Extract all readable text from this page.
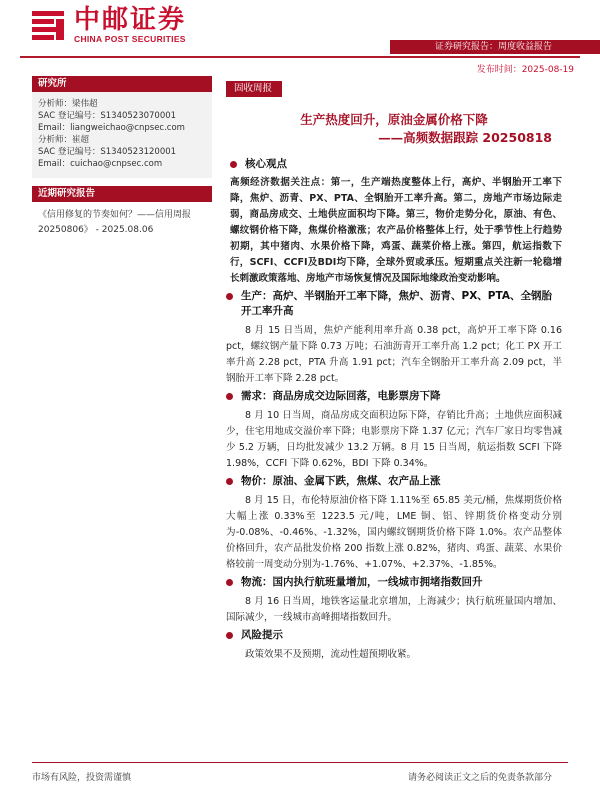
中邮证券
CHINA POST SECURITIES
证券研究报告：周度收益报告
发布时间：2025-08-19
研究所
分析师：梁伟超
SAC 登记编号：S1340523070001
Email：liangweichao@cnpsec.com
分析师：崔超
SAC 登记编号：S1340523120001
Email：cuichao@cnpsec.com
近期研究报告
《信用修复的节奏如何？——信用周报 20250806》 - 2025.08.06
固收周报
生产热度回升，原油金属价格下降
——高频数据跟踪 20250818
核心观点
高频经济数据关注点：第一，生产端热度整体上行，高炉、半钢胎开工率下降，焦炉、沥青、PX、PTA、全钢胎开工率升高。第二，房地产市场边际走弱，商品房成交、土地供应面积均下降。第三，物价走势分化，原油、有色、螺纹钢价格下降，焦煤价格激涨；农产品价格整体上行，处于季节性上行趋势初期，其中猪肉、水果价格下降，鸡蛋、蔬菜价格上涨。第四，航运指数下行，SCFI、CCFI及BDI均下降，全球外贸或承压。短期重点关注新一轮稳增长刺激政策落地、房地产市场恢复情况及国际地缘政治变动影响。
生产：高炉、半钢胎开工率下降，焦炉、沥青、PX、PTA、全钢胎开工率升高
8 月 15 日当周，焦炉产能利用率升高 0.38 pct，高炉开工率下降 0.16 pct，螺纹钢产量下降 0.73 万吨；石油沥青开工率升高 1.2 pct；化工 PX 开工率升高 2.28 pct，PTA 升高 1.91 pct；汽车全钢胎开工率升高 2.09 pct，半钢胎开工率下降 2.28 pct。
需求：商品房成交边际回落，电影票房下降
8 月 10 日当周，商品房成交面积边际下降，存销比升高；土地供应面积减少，住宅用地成交溢价率下降；电影票房下降 1.37 亿元；汽车厂家日均零售减少 5.2 万辆，日均批发减少 13.2 万辆。8 月 15 日当周，航运指数 SCFI 下降 1.98%，CCFI 下降 0.62%，BDI 下降 0.34%。
物价：原油、金属下跌，焦煤、农产品上涨
8 月 15 日，布伦特原油价格下降 1.11%至 65.85 美元/桶，焦煤期货价格大幅上涨 0.33%至 1223.5 元/吨，LME 铜、铝、锌期货价格变动分别为-0.08%、-0.46%、-1.32%，国内螺纹钢期货价格下降 1.0%。农产品整体价格回升，农产品批发价格 200 指数上涨 0.82%，猪肉、鸡蛋、蔬菜、水果价格较前一周变动分别为-1.76%、+1.07%、+2.37%、-1.85%。
物流：国内执行航班量增加，一线城市拥堵指数回升
8 月 16 日当周，地铁客运量北京增加，上海减少；执行航班量国内增加、国际减少，一线城市高峰拥堵指数回升。
风险提示
政策效果不及预期，流动性超预期收紧。
市场有风险，投资需谨慎	请务必阅读正文之后的免责条款部分
